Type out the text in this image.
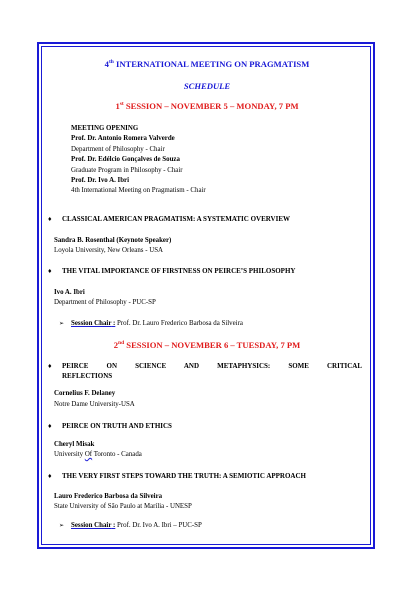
4th INTERNATIONAL MEETING ON PRAGMATISM
SCHEDULE
1st SESSION – NOVEMBER 5 – MONDAY, 7 PM
MEETING OPENING
Prof. Dr. Antonio Romera Valverde
Department of Philosophy - Chair
Prof. Dr. Edélcio Gonçalves de Souza
Graduate Program in Philosophy - Chair
Prof. Dr. Ivo A. Ibri
4th International Meeting on Pragmatism - Chair
♦	CLASSICAL AMERICAN PRAGMATISM: A SYSTEMATIC OVERVIEW
Sandra B. Rosenthal (Keynote Speaker)
Loyola University, New Orleans - USA
♦	THE VITAL IMPORTANCE OF FIRSTNESS ON PEIRCE’S PHILOSOPHY
Ivo A. Ibri
Department of Philosophy - PUC-SP
➢ Session Chair : Prof. Dr. Lauro Frederico Barbosa da Silveira
2nd SESSION – NOVEMBER 6 – TUESDAY, 7 PM
♦	PEIRCE ON SCIENCE AND METAPHYSICS: SOME CRITICAL
REFLECTIONS
Cornelius F. Delaney
Notre Dame University-USA
♦	PEIRCE ON TRUTH AND ETHICS
Cheryl Misak
University Of Toronto - Canada
♦	THE VERY FIRST STEPS TOWARD THE TRUTH: A SEMIOTIC APPROACH
Lauro Frederico Barbosa da Silveira
State University of São Paulo at Marília - UNESP
➢ Session Chair : Prof. Dr. Ivo A. Ibri – PUC-SP
